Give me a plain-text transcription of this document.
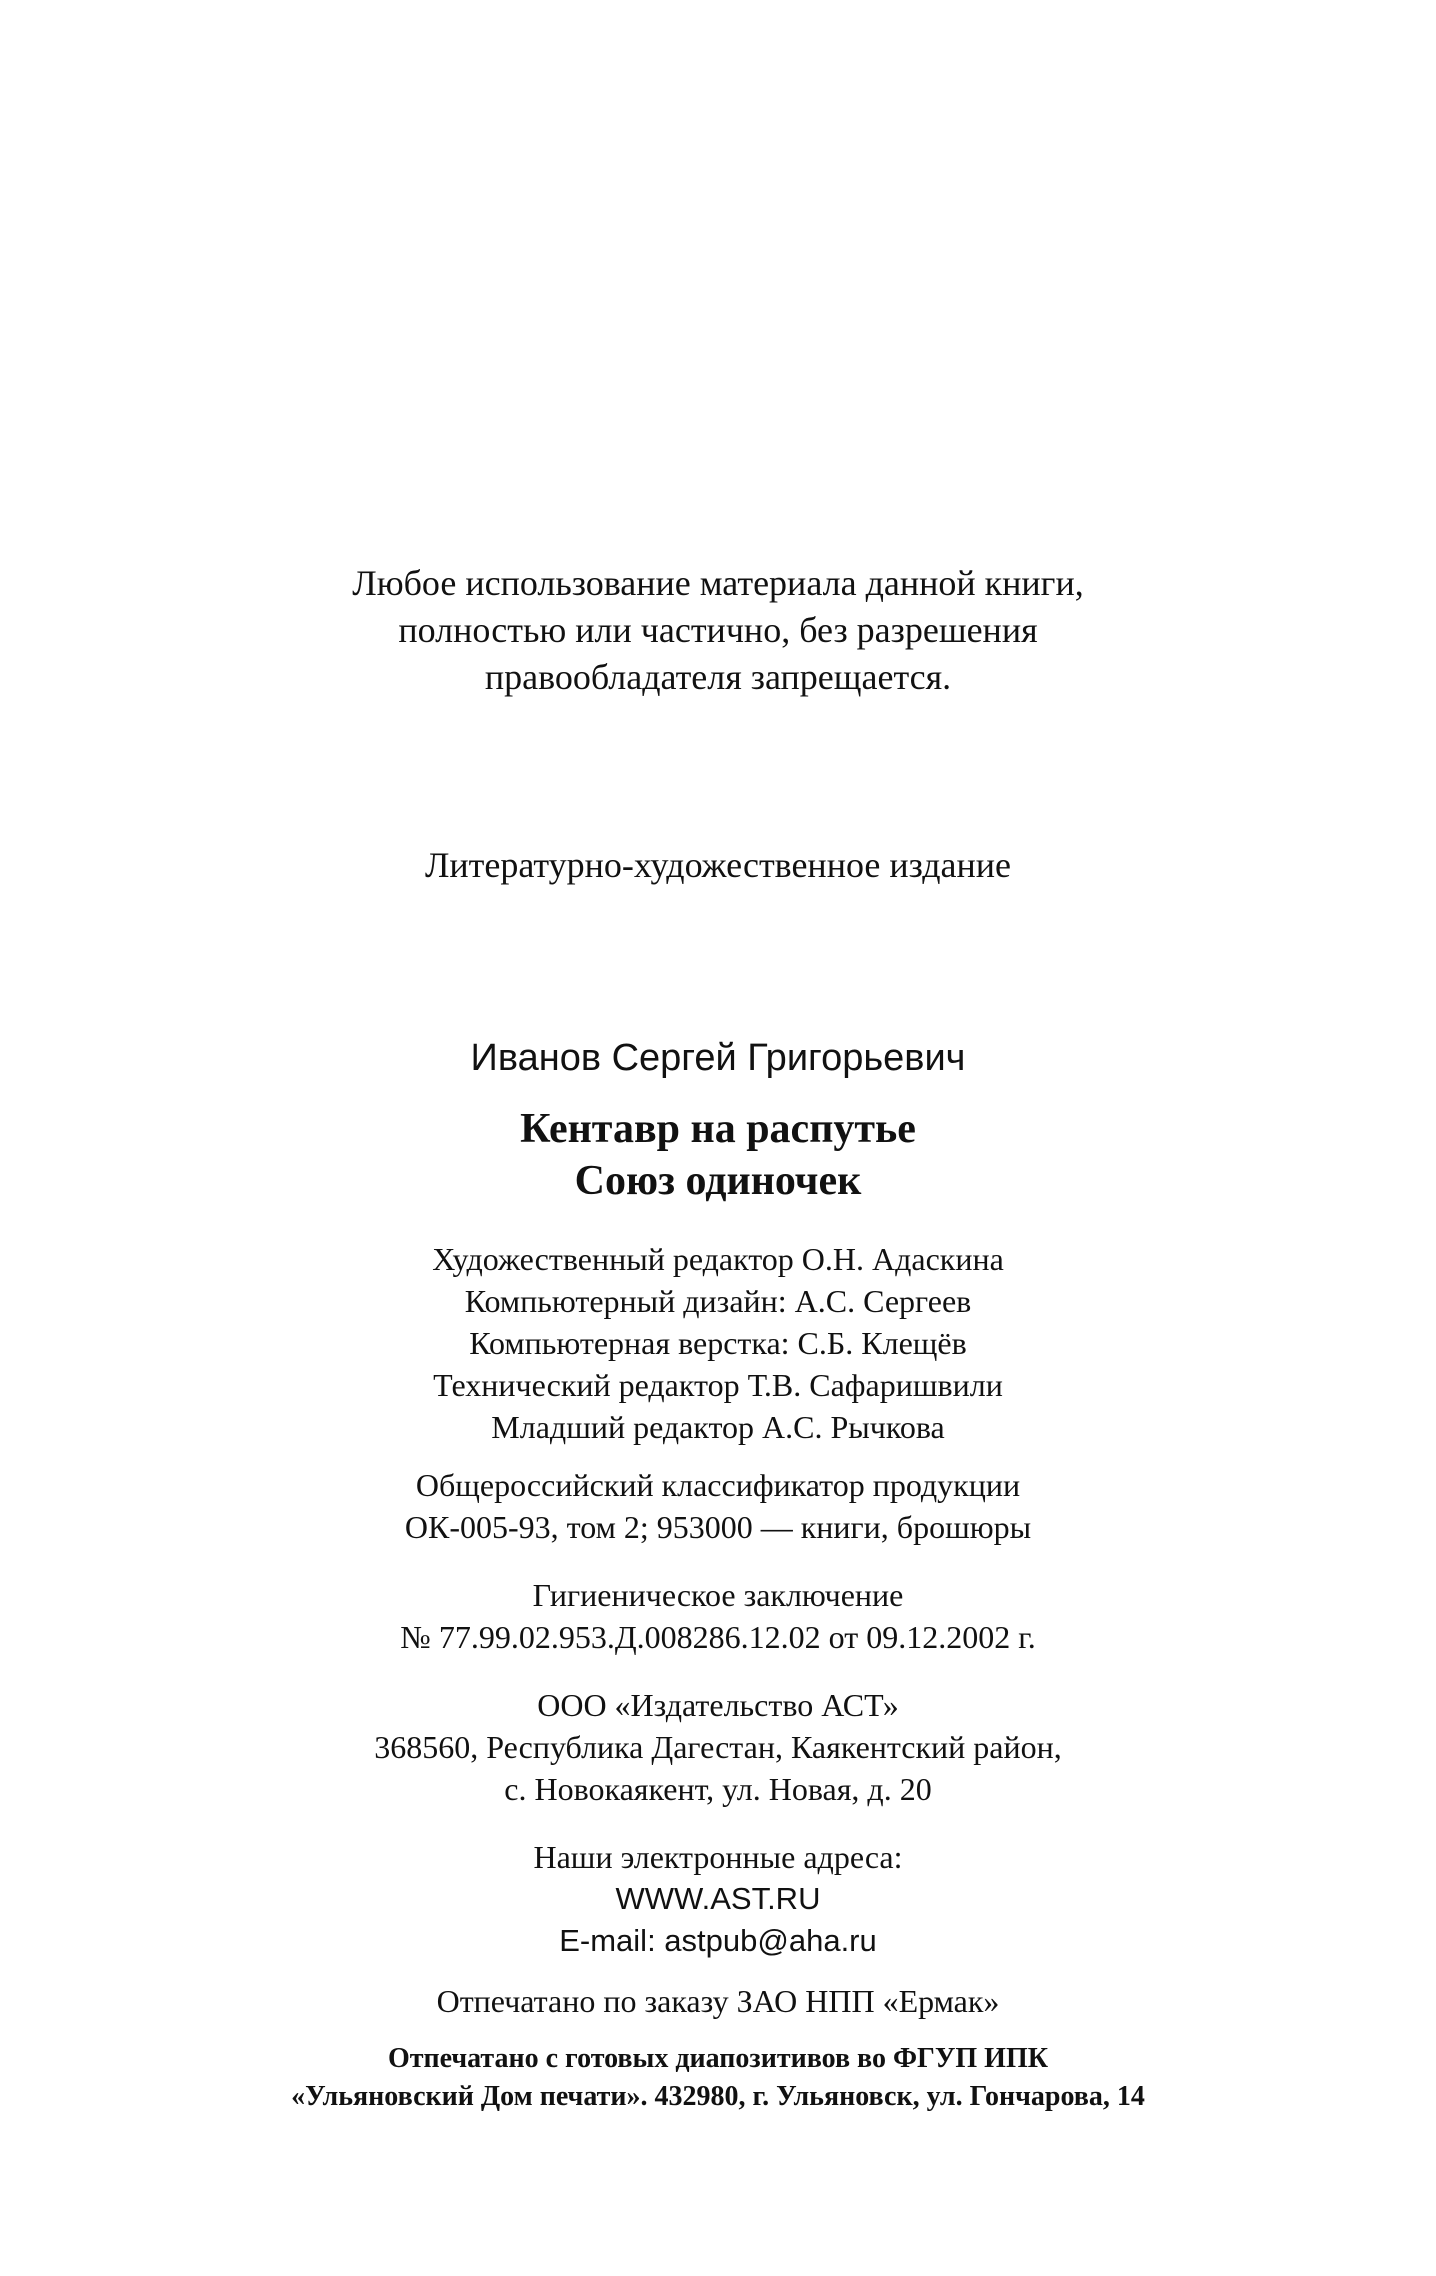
Любое использование материала данной книги,
полностью или частично, без разрешения
правообладателя запрещается.
Литературно-художественное издание
Иванов Сергей Григорьевич
Кентавр на распутье
Союз одиночек
Художественный редактор О.Н. Адаскина
Компьютерный дизайн: А.С. Сергеев
Компьютерная верстка: С.Б. Клещёв
Технический редактор Т.В. Сафаришвили
Младший редактор А.С. Рычкова
Общероссийский классификатор продукции
ОК-005-93, том 2; 953000 — книги, брошюры
Гигиеническое заключение
№ 77.99.02.953.Д.008286.12.02 от 09.12.2002 г.
ООО «Издательство АСТ»
368560, Республика Дагестан, Каякентский район,
с. Новокаякент, ул. Новая, д. 20
Наши электронные адреса:
WWW.AST.RU
E-mail: astpub@aha.ru
Отпечатано по заказу ЗАО НПП «Ермак»
Отпечатано с готовых диапозитивов во ФГУП ИПК
«Ульяновский Дом печати». 432980, г. Ульяновск, ул. Гончарова, 14
